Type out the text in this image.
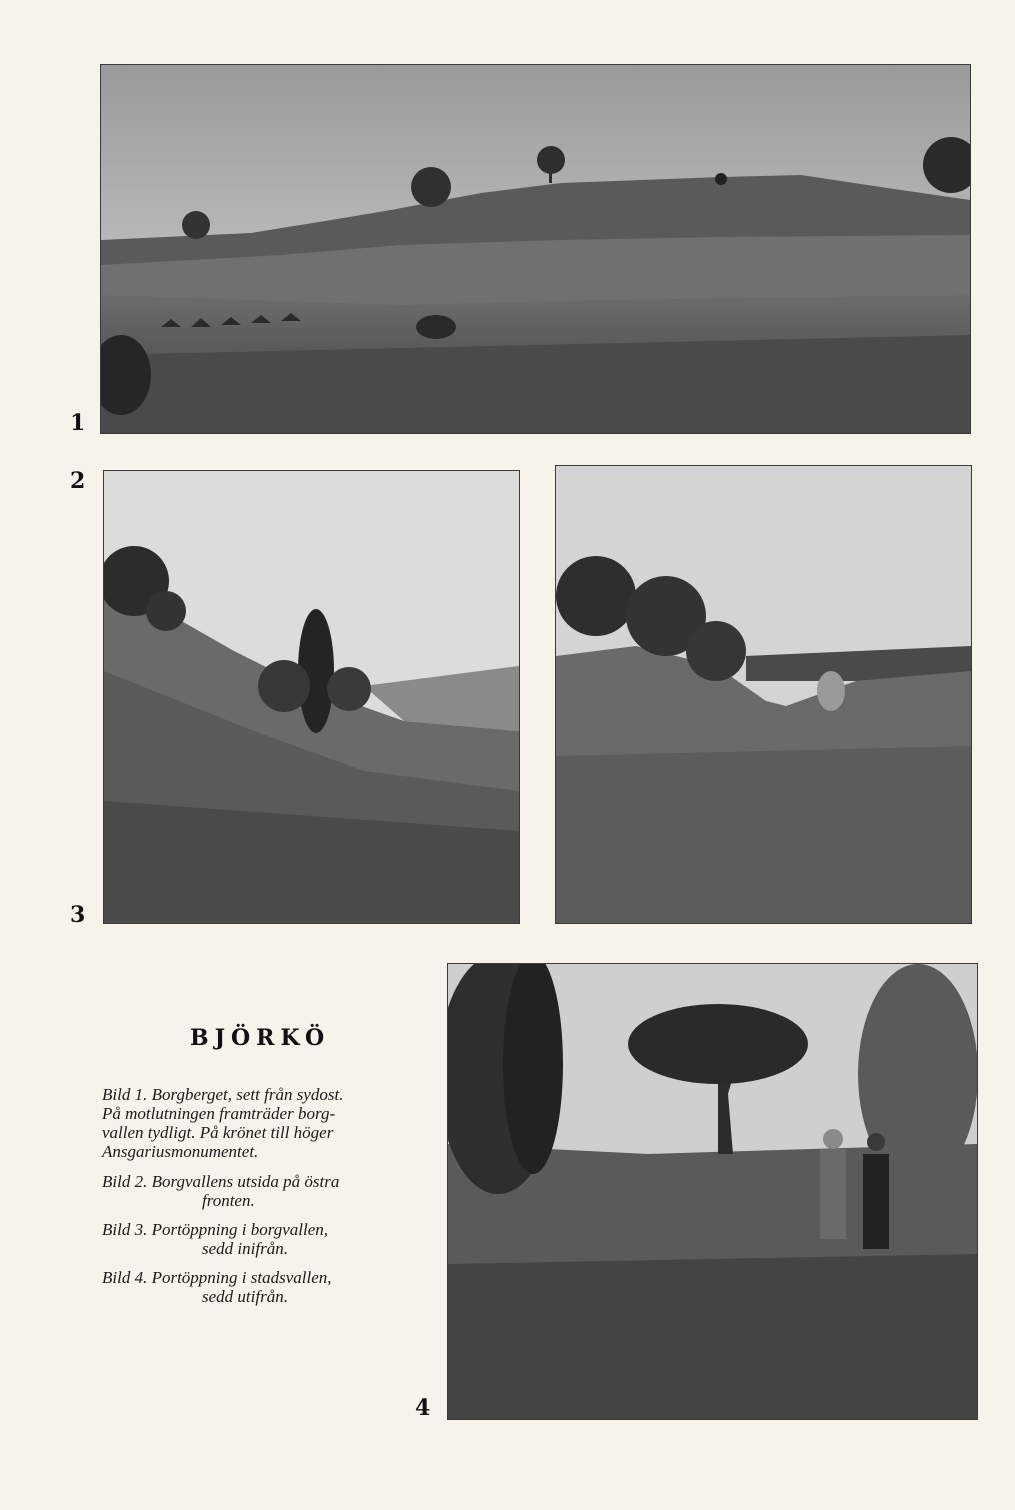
1
2
3
4
BJÖRKÖ
Bild 1. Borgberget, sett från sydost.
På motlutningen framträder borg-
vallen tydligt. På krönet till höger
Ansgariusmonumentet.
Bild 2. Borgvallens utsida på östra
fronten.
Bild 3. Portöppning i borgvallen,
sedd inifrån.
Bild 4. Portöppning i stadsvallen,
sedd utifrån.
